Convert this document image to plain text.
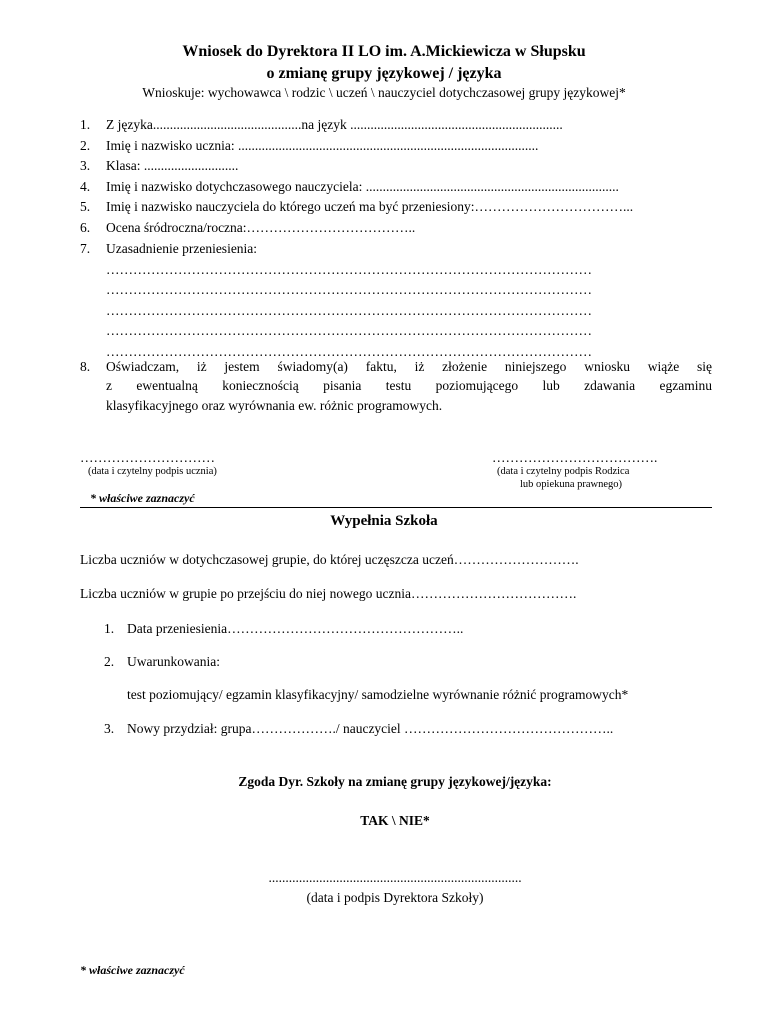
Wniosek do Dyrektora II LO im. A.Mickiewicza w Słupsku
o zmianę grupy językowej / języka
Wnioskuje: wychowawca \ rodzic \ uczeń \ nauczyciel dotychczasowej grupy językowej*
1.	Z języka............................................na język ...............................................................
2.	Imię i nazwisko ucznia: .........................................................................................
3.	Klasa: ............................
4.	Imię i nazwisko dotychczasowego nauczyciela: ...........................................................................
5.	Imię i nazwisko nauczyciela do którego uczeń ma być przeniesiony:……………………………...
6.	Ocena śródroczna/roczna:………………………………..
7.	Uzasadnienie przeniesienia:
………………………………………………………………………………………………
………………………………………………………………………………………………
………………………………………………………………………………………………
………………………………………………………………………………………………
………………………………………………………………………………………………
8. Oświadczam, iż jestem świadomy(a) faktu, iż złożenie niniejszego wniosku wiąże się
z ewentualną koniecznością pisania testu poziomującego lub zdawania egzaminu
klasyfikacyjnego oraz wyrównania ew. różnic programowych.
…………………………
(data i czytelny podpis ucznia)
……………………………….
(data i czytelny podpis Rodzica
lub opiekuna prawnego)
* właściwe zaznaczyć
Wypełnia Szkoła
Liczba uczniów w dotychczasowej grupie, do której uczęszcza uczeń……………………….
Liczba uczniów w grupie po przejściu do niej nowego ucznia……………………………….
1. Data przeniesienia……………………………………………..
2. Uwarunkowania:
test poziomujący/ egzamin klasyfikacyjny/ samodzielne wyrównanie różnić programowych*
3. Nowy przydział: grupa………………./ nauczyciel ………………………………………..
Zgoda Dyr. Szkoły na zmianę grupy językowej/języka:
TAK \ NIE*
...........................................................................
(data i podpis Dyrektora Szkoły)
* właściwe zaznaczyć
